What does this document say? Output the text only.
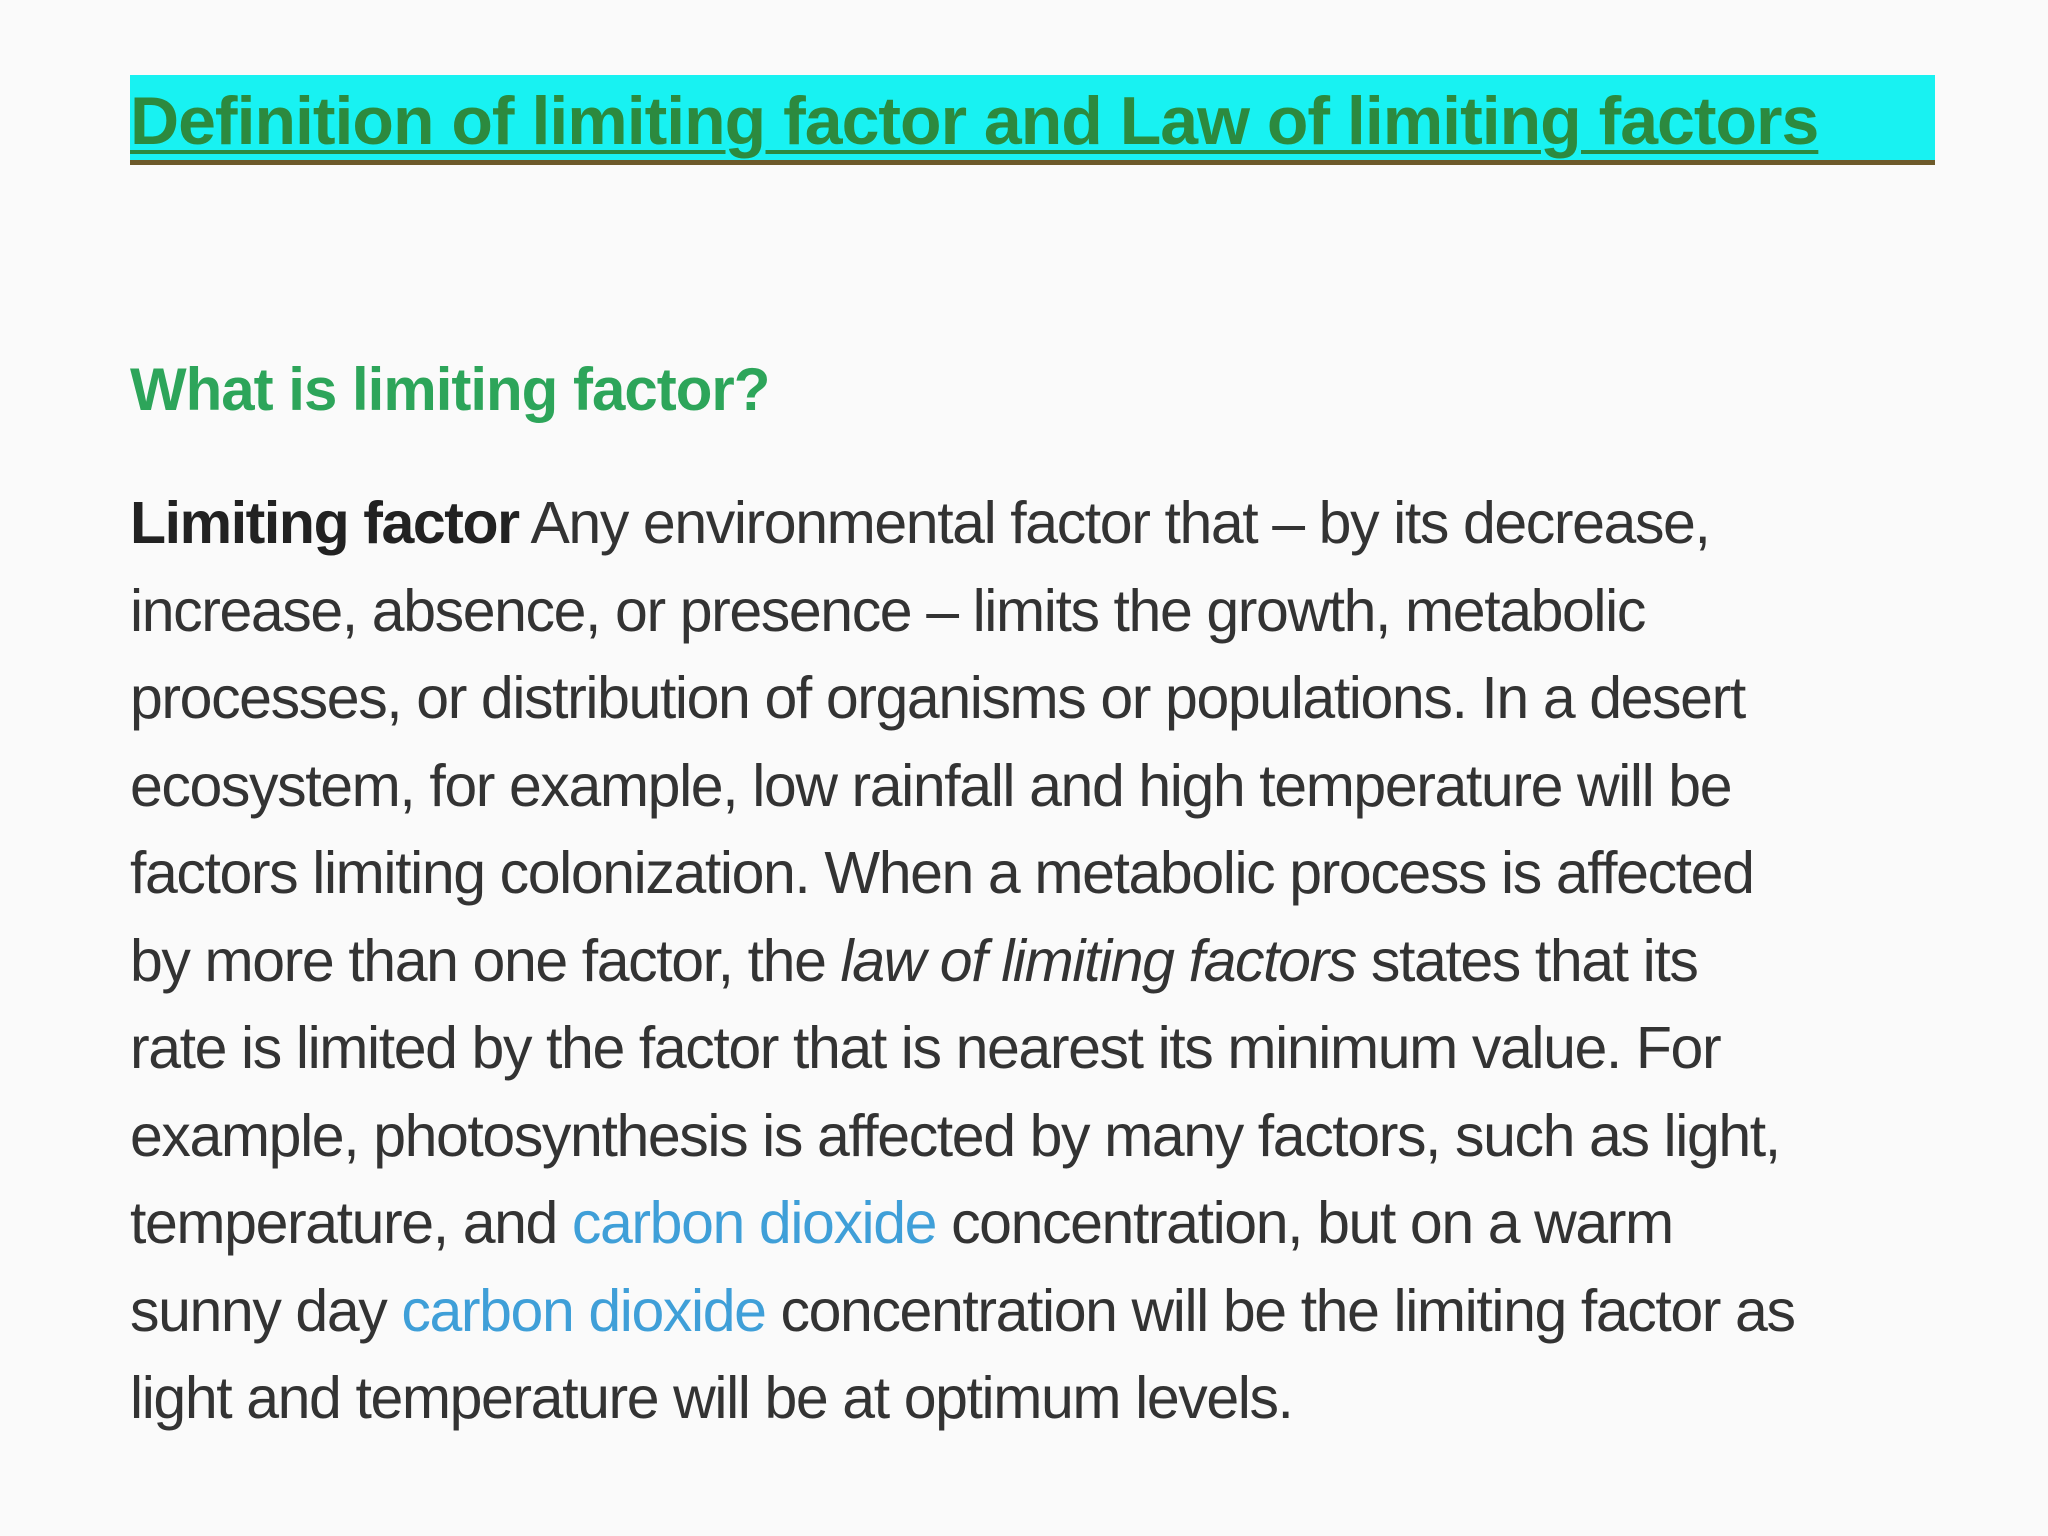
Definition of limiting factor and Law of limiting factors
What is limiting factor?
Limiting factor Any environmental factor that – by its decrease,
increase, absence, or presence – limits the growth, metabolic
processes, or distribution of organisms or populations. In a desert
ecosystem, for example, low rainfall and high temperature will be
factors limiting colonization. When a metabolic process is affected
by more than one factor, the law of limiting factors states that its
rate is limited by the factor that is nearest its minimum value. For
example, photosynthesis is affected by many factors, such as light,
temperature, and carbon dioxide concentration, but on a warm
sunny day carbon dioxide concentration will be the limiting factor as
light and temperature will be at optimum levels.
